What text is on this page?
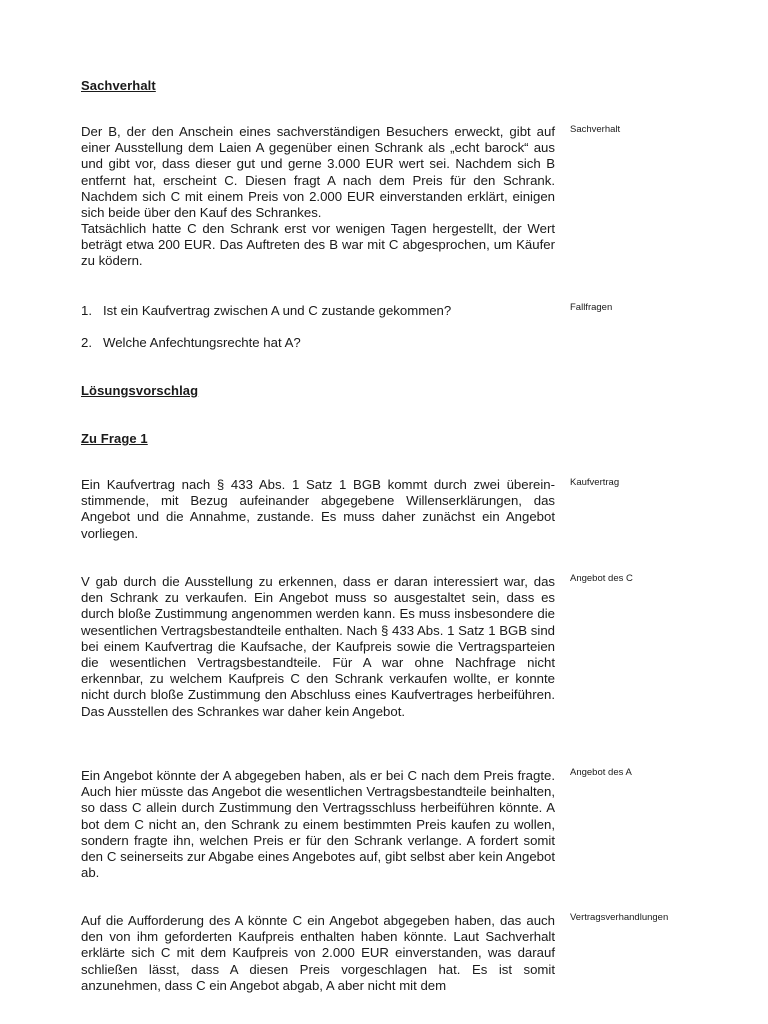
Sachverhalt

Der B, der den Anschein eines sachverständigen Besuchers erweckt, gibt auf einer Ausstellung dem Laien A gegenüber einen Schrank als „echt barock“ aus und gibt vor, dass dieser gut und gerne 3.000 EUR wert sei. Nachdem sich B entfernt hat, erscheint C. Diesen fragt A nach dem Preis für den Schrank. Nachdem sich C mit einem Preis von 2.000 EUR einverstanden erklärt, einigen sich beide über den Kauf des Schrankes.

Tatsächlich hatte C den Schrank erst vor wenigen Tagen hergestellt, der Wert beträgt etwa 200 EUR. Das Auftreten des B war mit C abgesprochen, um Käufer zu ködern.

Sachverhalt
1. Ist ein Kaufvertrag zwischen A und C zustande gekommen?
2. Welche Anfechtungsrechte hat A?
Fallfragen
Lösungsvorschlag
Zu Frage 1

Ein Kaufvertrag nach § 433 Abs. 1 Satz 1 BGB kommt durch zwei übereinstimmende, mit Bezug aufeinander abgegebene Willenserklärungen, das Angebot und die Annahme, zustande. Es muss daher zunächst ein Angebot vorliegen.

Kaufvertrag

V gab durch die Ausstellung zu erkennen, dass er daran interessiert war, das den Schrank zu verkaufen. Ein Angebot muss so ausgestaltet sein, dass es durch bloße Zustimmung angenommen werden kann. Es muss insbesondere die wesentlichen Vertragsbestandteile enthalten. Nach § 433 Abs. 1 Satz 1 BGB sind bei einem Kaufvertrag die Kaufsache, der Kaufpreis sowie die Vertragsparteien die wesentlichen Vertragsbestandteile. Für A war ohne Nachfrage nicht erkennbar, zu welchem Kaufpreis C den Schrank verkaufen wollte, er konnte nicht durch bloße Zustimmung den Abschluss eines Kaufvertrages herbeiführen. Das Ausstellen des Schrankes war daher kein Angebot.

Angebot des C

Ein Angebot könnte der A abgegeben haben, als er bei C nach dem Preis fragte. Auch hier müsste das Angebot die wesentlichen Vertragsbestandteile beinhalten, so dass C allein durch Zustimmung den Vertragsschluss herbeiführen könnte. A bot dem C nicht an, den Schrank zu einem bestimmten Preis kaufen zu wollen, sondern fragte ihn, welchen Preis er für den Schrank verlange. A fordert somit den C seinerseits zur Abgabe eines Angebotes auf, gibt selbst aber kein Angebot ab.

Angebot des A

Auf die Aufforderung des A könnte C ein Angebot abgegeben haben, das auch den von ihm geforderten Kaufpreis enthalten haben könnte. Laut Sachverhalt erklärte sich C mit dem Kaufpreis von 2.000 EUR einverstanden, was darauf schließen lässt, dass A diesen Preis vorgeschlagen hat. Es ist somit anzunehmen, dass C ein Angebot abgab, A aber nicht mit dem

Vertragsverhandlungen
